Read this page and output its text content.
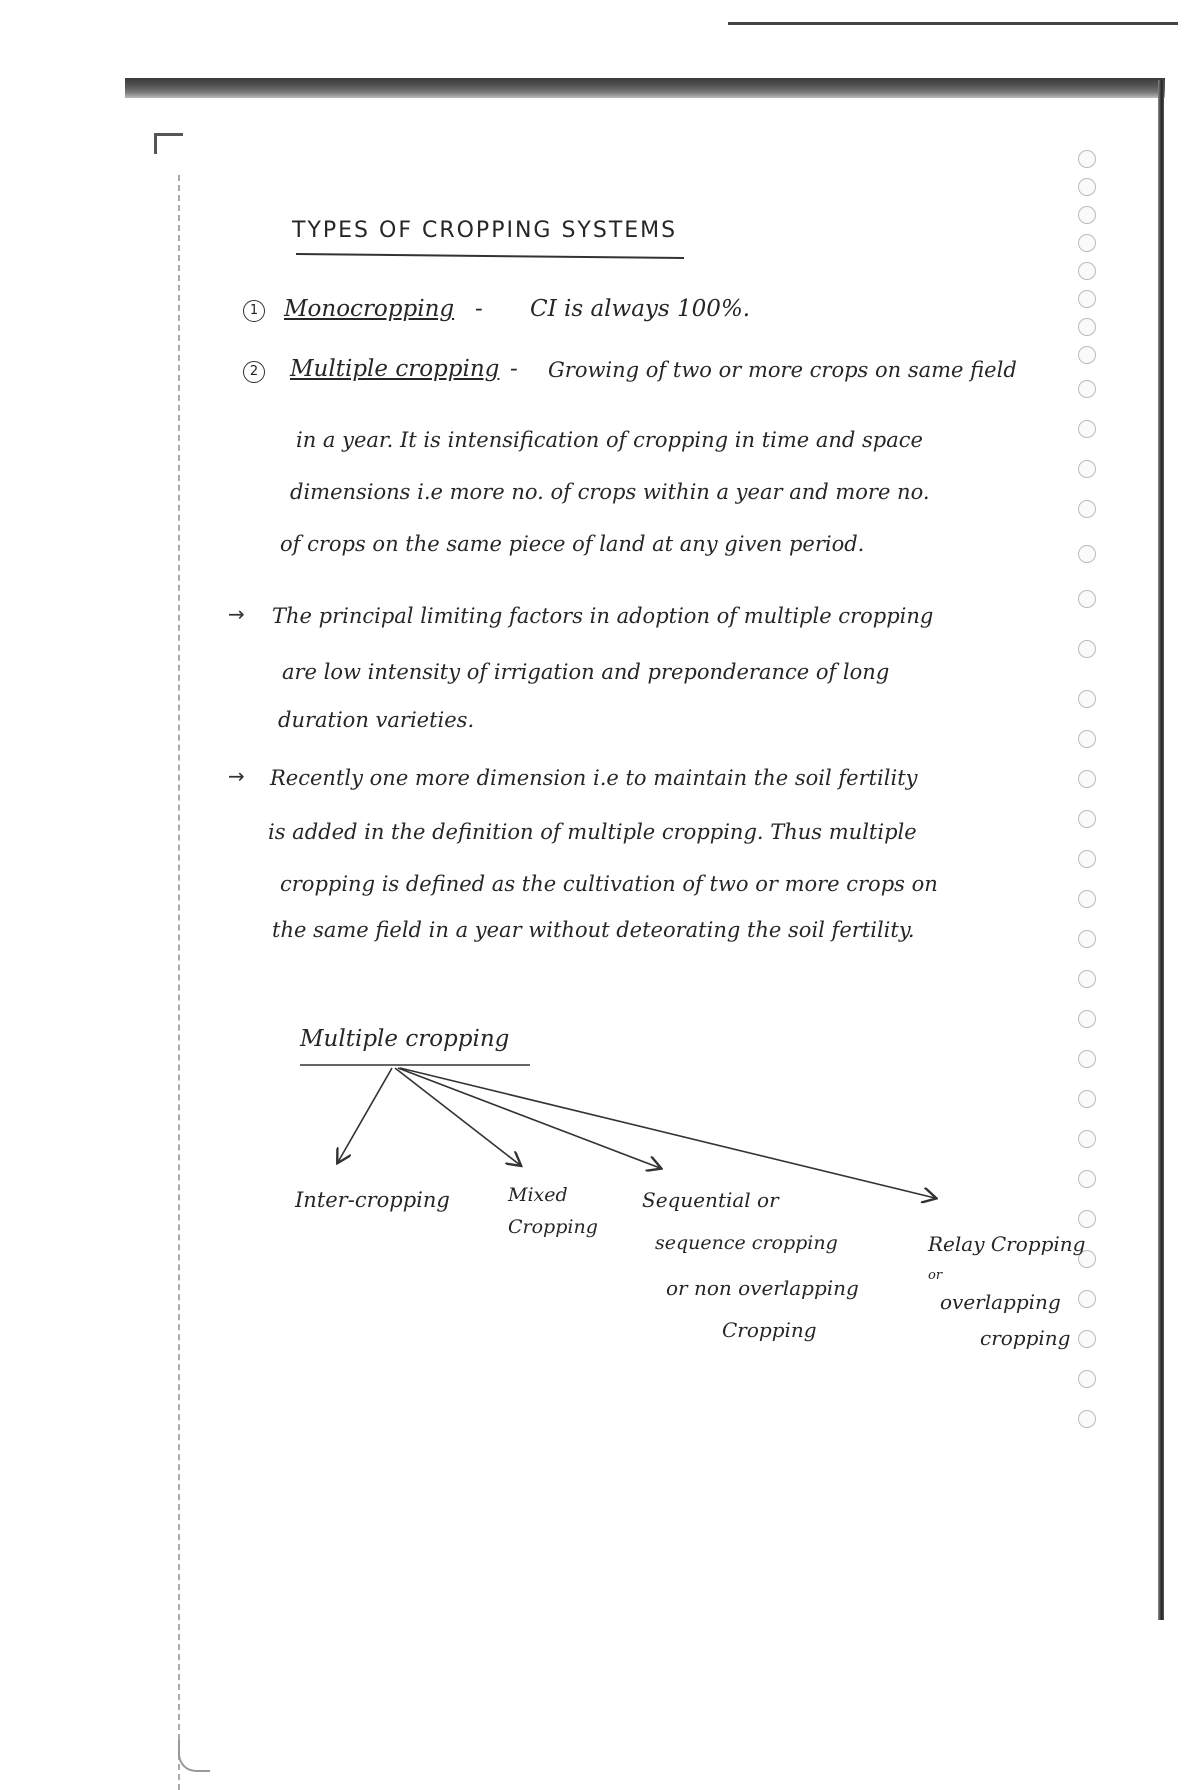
TYPES OF CROPPING SYSTEMS
1 Monocropping - CI is always 100%.
2 Multiple cropping - Growing of two or more crops on same field
in a year. It is intensification of cropping in time and space
dimensions i.e more no. of crops within a year and more no.
of crops on the same piece of land at any given period.
→ The principal limiting factors in adoption of multiple cropping
are low intensity of irrigation and preponderance of long
duration varieties.
→ Recently one more dimension i.e to maintain the soil fertility
is added in the definition of multiple cropping. Thus multiple
cropping is defined as the cultivation of two or more crops on
the same field in a year without deteorating the soil fertility.
Multiple cropping
Inter-cropping	Mixed
Cropping
Sequential or
sequence cropping
or non overlapping
Cropping
Relay Cropping
or
overlapping
cropping
